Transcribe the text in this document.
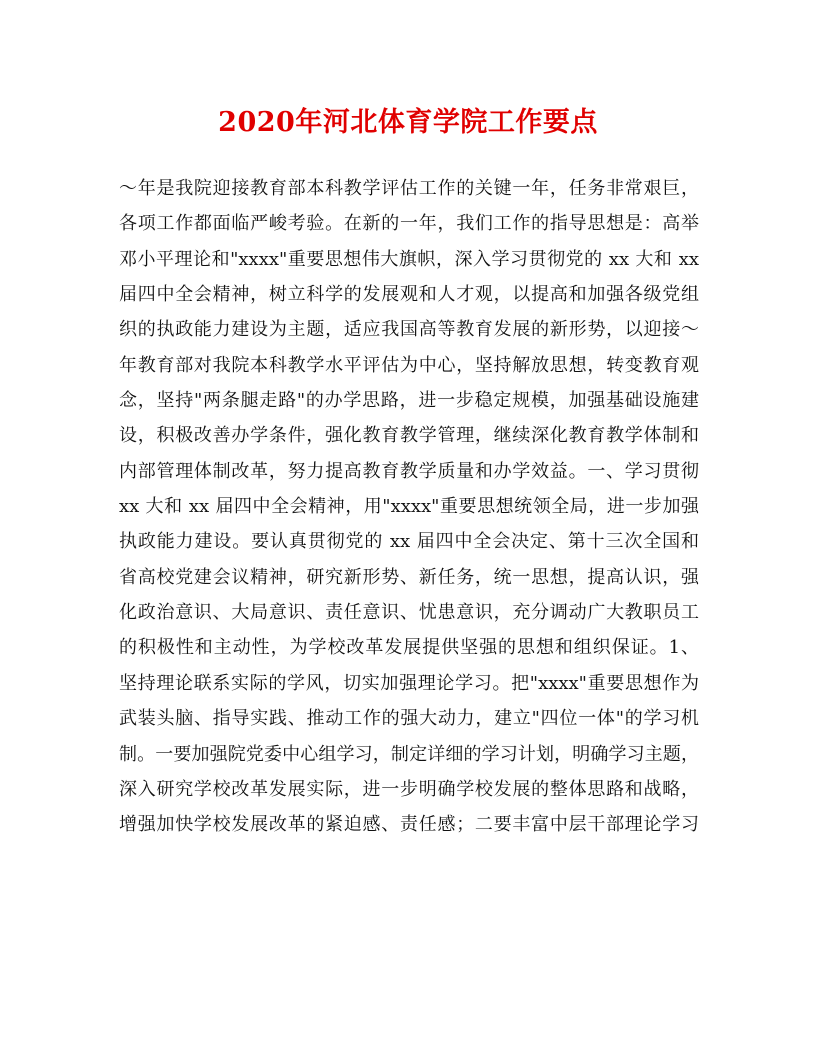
2020年河北体育学院工作要点
～年是我院迎接教育部本科教学评估工作的关键一年，任务非常艰巨，
各项工作都面临严峻考验。在新的一年，我们工作的指导思想是：高举
邓小平理论和"xxxx"重要思想伟大旗帜，深入学习贯彻党的 xx 大和 xx
届四中全会精神，树立科学的发展观和人才观，以提高和加强各级党组
织的执政能力建设为主题，适应我国高等教育发展的新形势，以迎接～
年教育部对我院本科教学水平评估为中心，坚持解放思想，转变教育观
念，坚持"两条腿走路"的办学思路，进一步稳定规模，加强基础设施建
设，积极改善办学条件，强化教育教学管理，继续深化教育教学体制和
内部管理体制改革，努力提高教育教学质量和办学效益。一、学习贯彻
xx 大和 xx 届四中全会精神，用"xxxx"重要思想统领全局，进一步加强
执政能力建设。要认真贯彻党的 xx 届四中全会决定、第十三次全国和
省高校党建会议精神，研究新形势、新任务，统一思想，提高认识，强
化政治意识、大局意识、责任意识、忧患意识，充分调动广大教职员工
的积极性和主动性，为学校改革发展提供坚强的思想和组织保证。1、
坚持理论联系实际的学风，切实加强理论学习。把"xxxx"重要思想作为
武装头脑、指导实践、推动工作的强大动力，建立"四位一体"的学习机
制。一要加强院党委中心组学习，制定详细的学习计划，明确学习主题，
深入研究学校改革发展实际，进一步明确学校发展的整体思路和战略，
增强加快学校发展改革的紧迫感、责任感；二要丰富中层干部理论学习
